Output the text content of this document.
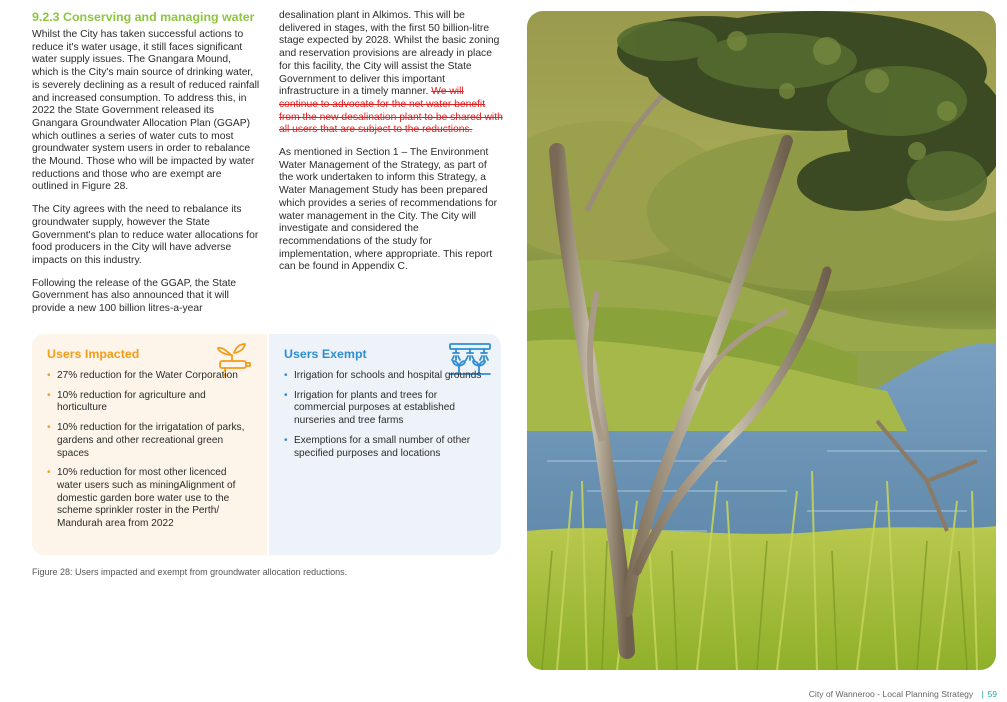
9.2.3 Conserving and managing water

Whilst the City has taken successful actions to reduce it's water usage, it still faces significant water supply issues. The Gnangara Mound, which is the City's main source of drinking water, is severely declining as a result of reduced rainfall and increased consumption. To address this, in 2022 the State Government released its Gnangara Groundwater Allocation Plan (GGAP) which outlines a series of water cuts to most groundwater system users in order to rebalance the Mound. Those who will be impacted by water reductions and those who are exempt are outlined in Figure 28.

The City agrees with the need to rebalance its groundwater supply, however the State Government's plan to reduce water allocations for food producers in the City will have adverse impacts on this industry.

Following the release of the GGAP, the State Government has also announced that it will provide a new 100 billion litres-a-year

desalination plant in Alkimos. This will be delivered in stages, with the first 50 billion-litre stage expected by 2028. Whilst the basic zoning and reservation provisions are already in place for this facility, the City will assist the State Government to deliver this important infrastructure in a timely manner. We will continue to advocate for the net water benefit from the new desalination plant to be shared with all users that are subject to the reductions.

As mentioned in Section 1 – The Environment Water Management of the Strategy, as part of the work undertaken to inform this Strategy, a Water Management Study has been prepared which provides a series of recommendations for water management in the City. The City will investigate and considered the recommendations of the study for implementation, where appropriate. This report can be found in Appendix C.

Users Impacted
• 27% reduction for the Water Corporation
• 10% reduction for agriculture and horticulture
• 10% reduction for the irrigatation of parks, gardens and other recreational green spaces
• 10% reduction for most other licenced water users such as miningAlignment of domestic garden bore water use to the scheme sprinkler roster in the Perth/ Mandurah area from 2022
Users Exempt
• Irrigation for schools and hospital grounds
• Irrigation for plants and trees for commercial purposes at established nurseries and tree farms
• Exemptions for a small number of other specified purposes and locations
Figure 28: Users impacted and exempt from groundwater allocation reductions.
City of Wanneroo - Local Planning Strategy | 59
